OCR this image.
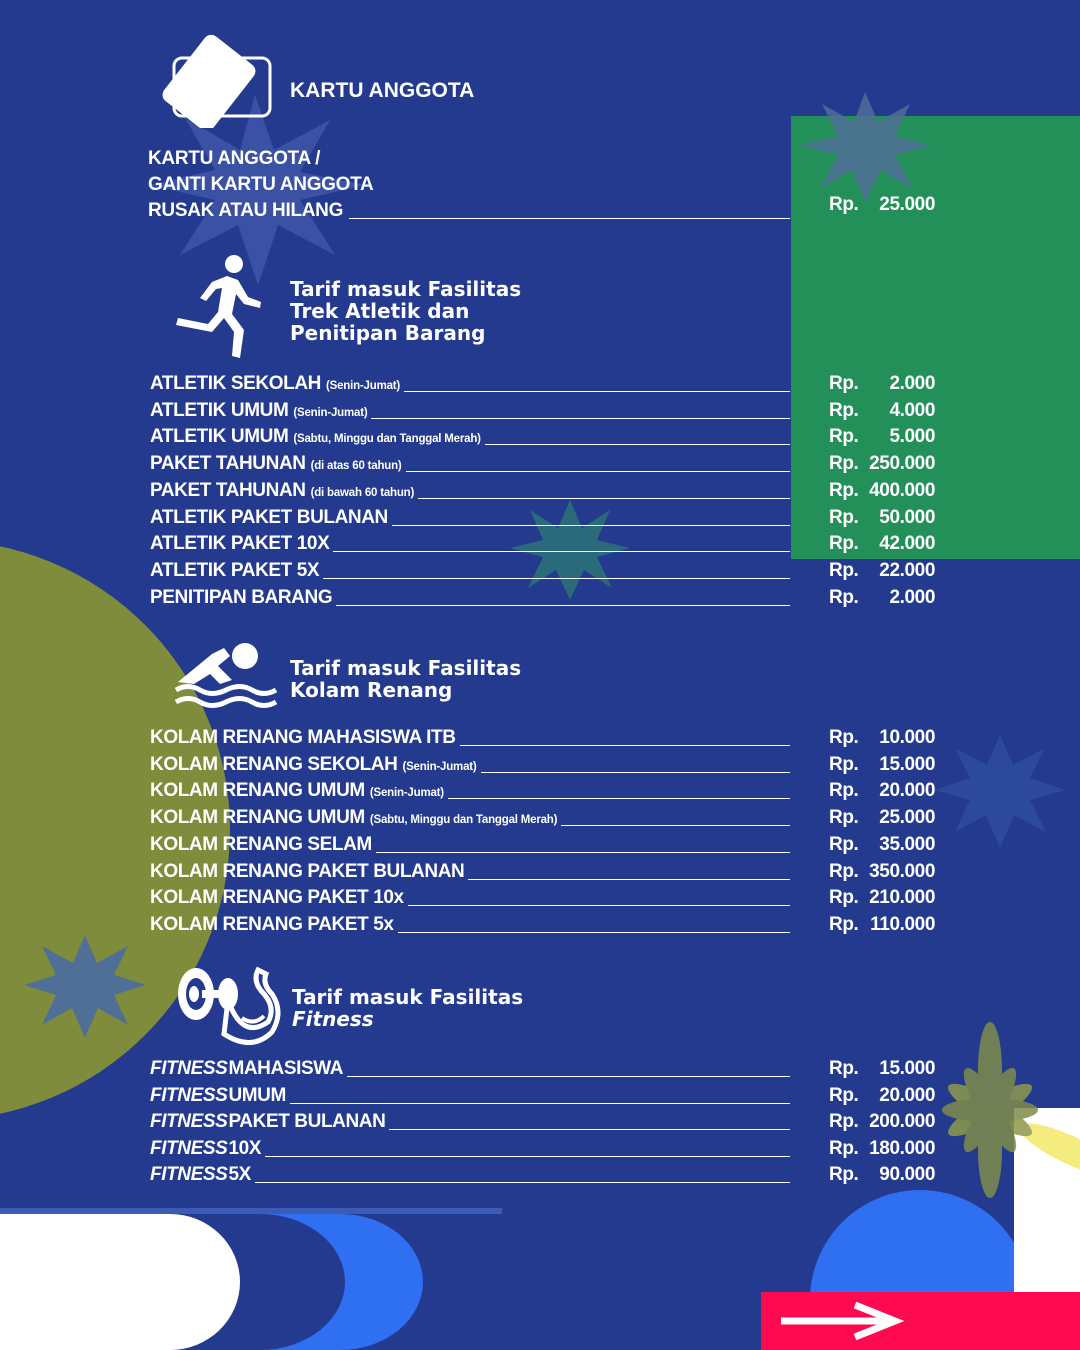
KARTU ANGGOTA
KARTU ANGGOTA /
GANTI KARTU ANGGOTA
RUSAK ATAU HILANG	Rp. 25.000
Tarif masuk Fasilitas
Trek Atletik dan
Penitipan Barang
ATLETIK SEKOLAH (Senin-Jumat)	Rp. 2.000
ATLETIK UMUM (Senin-Jumat)	Rp. 4.000
ATLETIK UMUM (Sabtu, Minggu dan Tanggal Merah)	Rp. 5.000
PAKET TAHUNAN (di atas 60 tahun)	Rp. 250.000
PAKET TAHUNAN (di bawah 60 tahun)	Rp. 400.000
ATLETIK PAKET BULANAN	Rp. 50.000
ATLETIK PAKET 10X	Rp. 42.000
ATLETIK PAKET 5X	Rp. 22.000
PENITIPAN BARANG	Rp. 2.000
Tarif masuk Fasilitas
Kolam Renang
KOLAM RENANG MAHASISWA ITB	Rp. 10.000
KOLAM RENANG SEKOLAH (Senin-Jumat)	Rp. 15.000
KOLAM RENANG UMUM (Senin-Jumat)	Rp. 20.000
KOLAM RENANG UMUM (Sabtu, Minggu dan Tanggal Merah)	Rp. 25.000
KOLAM RENANG SELAM	Rp. 35.000
KOLAM RENANG PAKET BULANAN	Rp. 350.000
KOLAM RENANG PAKET 10x	Rp. 210.000
KOLAM RENANG PAKET 5x	Rp. 110.000
Tarif masuk Fasilitas
Fitness
FITNESS MAHASISWA	Rp. 15.000
FITNESS UMUM	Rp. 20.000
FITNESS PAKET BULANAN	Rp. 200.000
FITNESS 10X	Rp. 180.000
FITNESS 5X	Rp. 90.000
